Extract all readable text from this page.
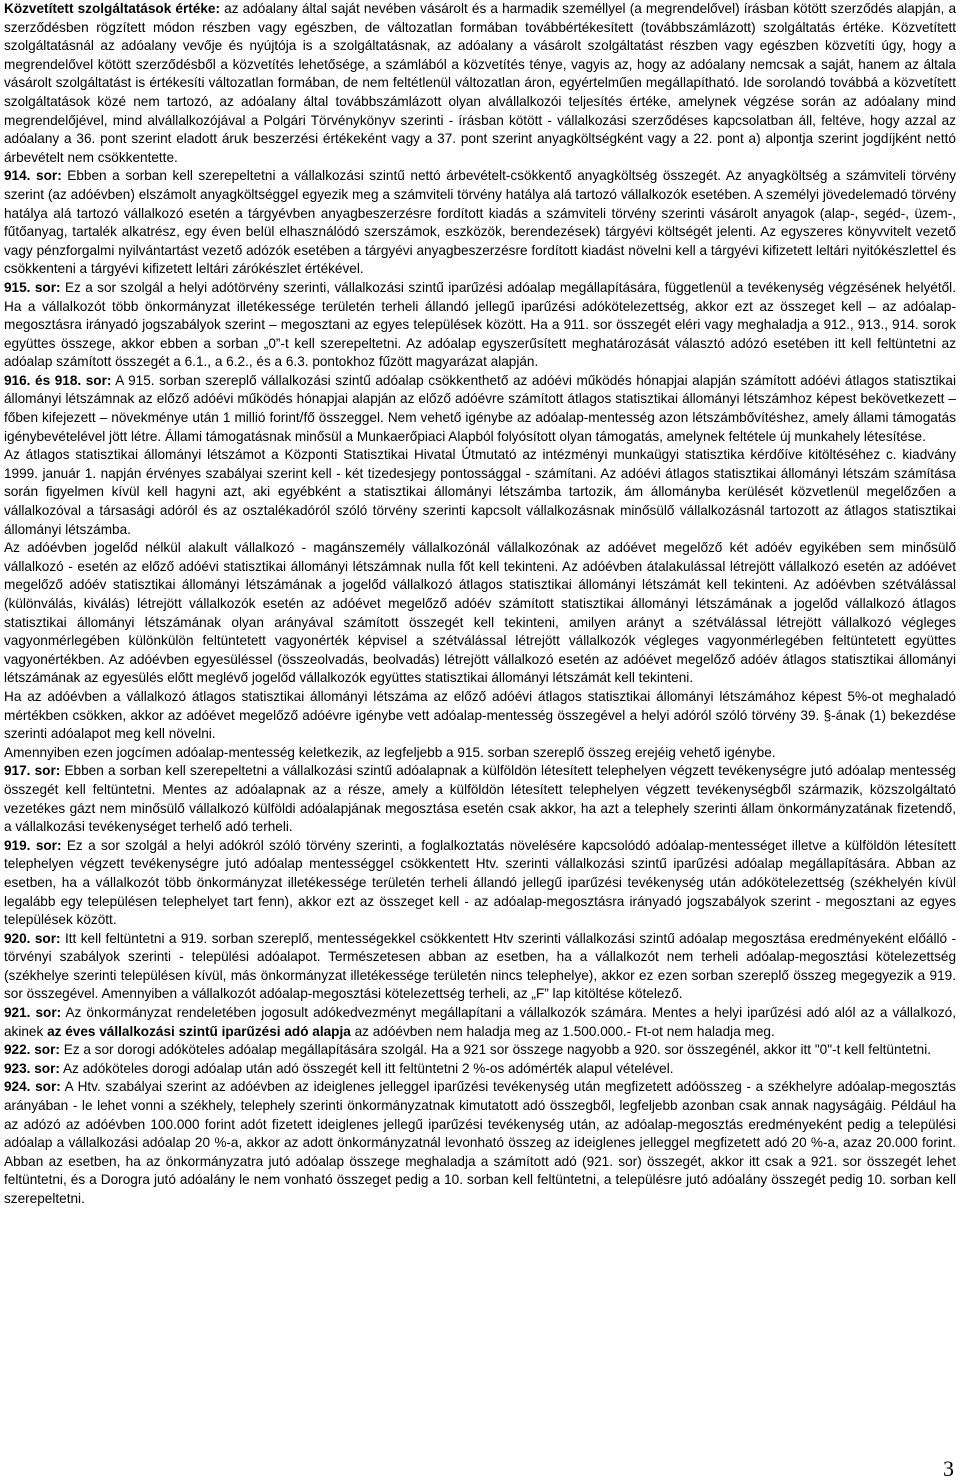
Közvetített szolgáltatások értéke: az adóalany által saját nevében vásárolt és a harmadik személlyel (a megrendelővel) írásban kötött szerződés alapján, a szerződésben rögzített módon részben vagy egészben, de változatlan formában továbbértékesített (továbbszámlázott) szolgáltatás értéke. Közvetített szolgáltatásnál az adóalany vevője és nyújtója is a szolgáltatásnak, az adóalany a vásárolt szolgáltatást részben vagy egészben közvetíti úgy, hogy a megrendelővel kötött szerződésből a közvetítés lehetősége, a számlából a közvetítés ténye, vagyis az, hogy az adóalany nemcsak a saját, hanem az általa vásárolt szolgáltatást is értékesíti változatlan formában, de nem feltétlenül változatlan áron, egyértelműen megállapítható. Ide sorolandó továbbá a közvetített szolgáltatások közé nem tartozó, az adóalany által továbbszámlázott olyan alvállalkozói teljesítés értéke, amelynek végzése során az adóalany mind megrendelőjével, mind alvállalkozójával a Polgári Törvénykönyv szerinti - írásban kötött - vállalkozási szerződéses kapcsolatban áll, feltéve, hogy azzal az adóalany a 36. pont szerint eladott áruk beszerzési értékeként vagy a 37. pont szerint anyagköltségként vagy a 22. pont a) alpontja szerint jogdíjként nettó árbevételt nem csökkentette.

914. sor: Ebben a sorban kell szerepeltetni a vállalkozási szintű nettó árbevételt-csökkentő anyagköltség összegét. Az anyagköltség a számviteli törvény szerint (az adóévben) elszámolt anyagköltséggel egyezik meg a számviteli törvény hatálya alá tartozó vállalkozók esetében. A személyi jövedelemadó törvény hatálya alá tartozó vállalkozó esetén a tárgyévben anyagbeszerzésre fordított kiadás a számviteli törvény szerinti vásárolt anyagok (alap-, segéd-, üzem-, fűtőanyag, tartalék alkatrész, egy éven belül elhasználódó szerszámok, eszközök, berendezések) tárgyévi költségét jelenti. Az egyszeres könyvvitelt vezető vagy pénzforgalmi nyilvántartást vezető adózók esetében a tárgyévi anyagbeszerzésre fordított kiadást növelni kell a tárgyévi kifizetett leltári nyitókészlettel és csökkenteni a tárgyévi kifizetett leltári zárókészlet értékével.

915. sor: Ez a sor szolgál a helyi adótörvény szerinti, vállalkozási szintű iparűzési adóalap megállapítására, függetlenül a tevékenység végzésének helyétől. Ha a vállalkozót több önkormányzat illetékessége területén terheli állandó jellegű iparűzési adókötelezettség, akkor ezt az összeget kell – az adóalap-megosztásra irányadó jogszabályok szerint – megosztani az egyes települések között. Ha a 911. sor összegét eléri vagy meghaladja a 912., 913., 914. sorok együttes összege, akkor ebben a sorban „0”-t kell szerepeltetni. Az adóalap egyszerűsített meghatározását választó adózó esetében itt kell feltüntetni az adóalap számított összegét a 6.1., a 6.2., és a 6.3. pontokhoz fűzött magyarázat alapján.

916. és 918. sor: A 915. sorban szereplő vállalkozási szintű adóalap csökkenthető az adóévi működés hónapjai alapján számított adóévi átlagos statisztikai állományi létszámnak az előző adóévi működés hónapjai alapján az előző adóévre számított átlagos statisztikai állományi létszámhoz képest bekövetkezett – főben kifejezett – növekménye után 1 millió forint/fő összeggel. Nem vehető igénybe az adóalap-mentesség azon létszámbővítéshez, amely állami támogatás igénybevételével jött létre. Állami támogatásnak minősül a Munkaerőpiaci Alapból folyósított olyan támogatás, amelynek feltétele új munkahely létesítése.

Az átlagos statisztikai állományi létszámot a Központi Statisztikai Hivatal Útmutató az intézményi munkaügyi statisztika kérdőíve kitöltéséhez c. kiadvány 1999. január 1. napján érvényes szabályai szerint kell - két tizedesjegy pontossággal - számítani. Az adóévi átlagos statisztikai állományi létszám számítása során figyelmen kívül kell hagyni azt, aki egyébként a statisztikai állományi létszámba tartozik, ám állományba kerülését közvetlenül megelőzően a vállalkozóval a társasági adóról és az osztalékadóról szóló törvény szerinti kapcsolt vállalkozásnak minősülő vállalkozásnál tartozott az átlagos statisztikai állományi létszámba.

Az adóévben jogelőd nélkül alakult vállalkozó - magánszemély vállalkozónál vállalkozónak az adóévet megelőző két adóév egyikében sem minősülő vállalkozó - esetén az előző adóévi statisztikai állományi létszámnak nulla főt kell tekinteni. Az adóévben átalakulással létrejött vállalkozó esetén az adóévet megelőző adóév statisztikai állományi létszámának a jogelőd vállalkozó átlagos statisztikai állományi létszámát kell tekinteni. Az adóévben szétválással (különválás, kiválás) létrejött vállalkozók esetén az adóévet megelőző adóév számított statisztikai állományi létszámának a jogelőd vállalkozó átlagos statisztikai állományi létszámának olyan arányával számított összegét kell tekinteni, amilyen arányt a szétválással létrejött vállalkozó végleges vagyonmérlegében különkülön feltüntetett vagyonérték képvisel a szétválással létrejött vállalkozók végleges vagyonmérlegében feltüntetett együttes vagyonértékben. Az adóévben egyesüléssel (összeolvadás, beolvadás) létrejött vállalkozó esetén az adóévet megelőző adóév átlagos statisztikai állományi létszámának az egyesülés előtt meglévő jogelőd vállalkozók együttes statisztikai állományi létszámát kell tekinteni.

Ha az adóévben a vállalkozó átlagos statisztikai állományi létszáma az előző adóévi átlagos statisztikai állományi létszámához képest 5%-ot meghaladó mértékben csökken, akkor az adóévet megelőző adóévre igénybe vett adóalap-mentesség összegével a helyi adóról szóló törvény 39. §-ának (1) bekezdése szerinti adóalapot meg kell növelni.

Amennyiben ezen jogcímen adóalap-mentesség keletkezik, az legfeljebb a 915. sorban szereplő összeg erejéig vehető igénybe.

917. sor: Ebben a sorban kell szerepeltetni a vállalkozási szintű adóalapnak a külföldön létesített telephelyen végzett tevékenységre jutó adóalap mentesség összegét kell feltüntetni. Mentes az adóalapnak az a része, amely a külföldön létesített telephelyen végzett tevékenységből származik, közszolgáltató vezetékes gázt nem minősülő vállalkozó külföldi adóalapjának megosztása esetén csak akkor, ha azt a telephely szerinti állam önkormányzatának fizetendő, a vállalkozási tevékenységet terhelő adó terheli.

919. sor: Ez a sor szolgál a helyi adókról szóló törvény szerinti, a foglalkoztatás növelésére kapcsolódó adóalap-mentességet illetve a külföldön létesített telephelyen végzett tevékenységre jutó adóalap mentességgel csökkentett Htv. szerinti vállalkozási szintű iparűzési adóalap megállapítására. Abban az esetben, ha a vállalkozót több önkormányzat illetékessége területén terheli állandó jellegű iparűzési tevékenység után adókötelezettség (székhelyén kívül legalább egy településen telephelyet tart fenn), akkor ezt az összeget kell - az adóalap-megosztásra irányadó jogszabályok szerint - megosztani az egyes települések között.

920. sor: Itt kell feltüntetni a 919. sorban szereplő, mentességekkel csökkentett Htv szerinti vállalkozási szintű adóalap megosztása eredményeként előálló - törvényi szabályok szerinti - települési adóalapot. Természetesen abban az esetben, ha a vállalkozót nem terheli adóalap-megosztási kötelezettség (székhelye szerinti településen kívül, más önkormányzat illetékessége területén nincs telephelye), akkor ez ezen sorban szereplő összeg megegyezik a 919. sor összegével. Amennyiben a vállalkozót adóalap-megosztási kötelezettség terheli, az „F” lap kitöltése kötelező.

921. sor: Az önkormányzat rendeletében jogosult adókedvezményt megállapítani a vállalkozók számára. Mentes a helyi iparűzési adó alól az a vállalkozó, akinek az éves vállalkozási szintű iparűzési adó alapja az adóévben nem haladja meg az 1.500.000.- Ft-ot nem haladja meg.

922. sor: Ez a sor dorogi adóköteles adóalap megállapítására szolgál. Ha a 921 sor összege nagyobb a 920. sor összegénél, akkor itt "0"-t kell feltüntetni.

923. sor: Az adóköteles dorogi adóalap után adó összegét kell itt feltüntetni 2 %-os adómérték alapul vételével.

924. sor: A Htv. szabályai szerint az adóévben az ideiglenes jelleggel iparűzési tevékenység után megfizetett adóösszeg - a székhelyre adóalap-megosztás arányában - le lehet vonni a székhely, telephely szerinti önkormányzatnak kimutatott adó összegből, legfeljebb azonban csak annak nagyságáig. Például ha az adózó az adóévben 100.000 forint adót fizetett ideiglenes jellegű iparűzési tevékenység után, az adóalap-megosztás eredményeként pedig a települési adóalap a vállalkozási adóalap 20 %-a, akkor az adott önkormányzatnál levonható összeg az ideiglenes jelleggel megfizetett adó 20 %-a, azaz 20.000 forint. Abban az esetben, ha az önkormányzatra jutó adóalap összege meghaladja a számított adó (921. sor) összegét, akkor itt csak a 921. sor összegét lehet feltüntetni, és a Dorogra jutó adóalány le nem vonható összeget pedig a 10. sorban kell feltüntetni, a településre jutó adóalány összegét pedig 10. sorban kell szerepeltetni.

3
